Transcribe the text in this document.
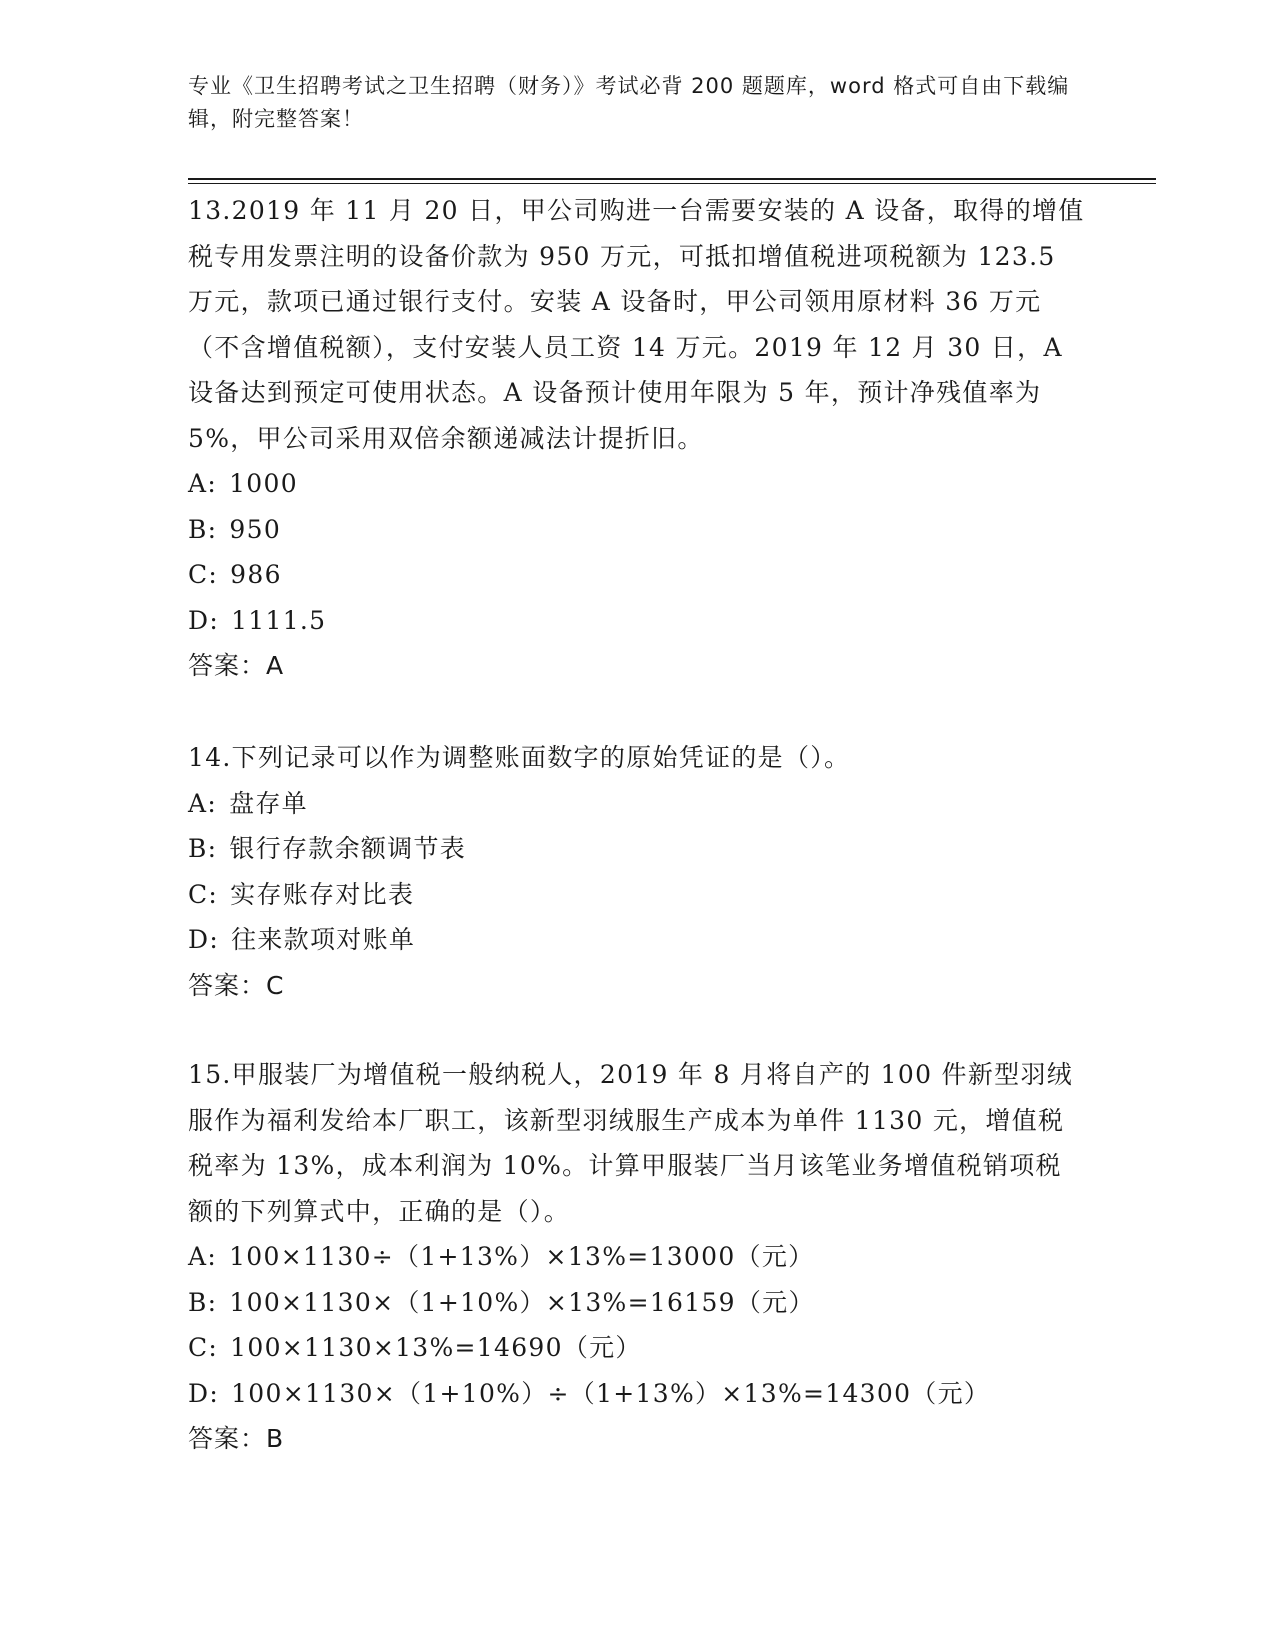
专业《卫生招聘考试之卫生招聘（财务）》考试必背 200 题题库，word 格式可自由下载编辑，附完整答案！

13.2019 年 11 月 20 日，甲公司购进一台需要安装的 A 设备，取得的增值税专用发票注明的设备价款为 950 万元，可抵扣增值税进项税额为 123.5 万元，款项已通过银行支付。安装 A 设备时，甲公司领用原材料 36 万元（不含增值税额），支付安装人员工资 14 万元。2019 年 12 月 30 日，A 设备达到预定可使用状态。A 设备预计使用年限为 5 年，预计净残值率为 5%，甲公司采用双倍余额递减法计提折旧。

A: 1000

B: 950

C: 986

D: 1111.5

答案：A

14.下列记录可以作为调整账面数字的原始凭证的是（）。

A: 盘存单

B: 银行存款余额调节表

C: 实存账存对比表

D: 往来款项对账单

答案：C

15.甲服装厂为增值税一般纳税人，2019 年 8 月将自产的 100 件新型羽绒服作为福利发给本厂职工，该新型羽绒服生产成本为单件 1130 元，增值税税率为 13%，成本利润为 10%。计算甲服装厂当月该笔业务增值税销项税额的下列算式中，正确的是（）。

A: 100×1130÷（1+13%）×13%=13000（元）

B: 100×1130×（1+10%）×13%=16159（元）

C: 100×1130×13%=14690（元）

D: 100×1130×（1+10%）÷（1+13%）×13%=14300（元）

答案：B
